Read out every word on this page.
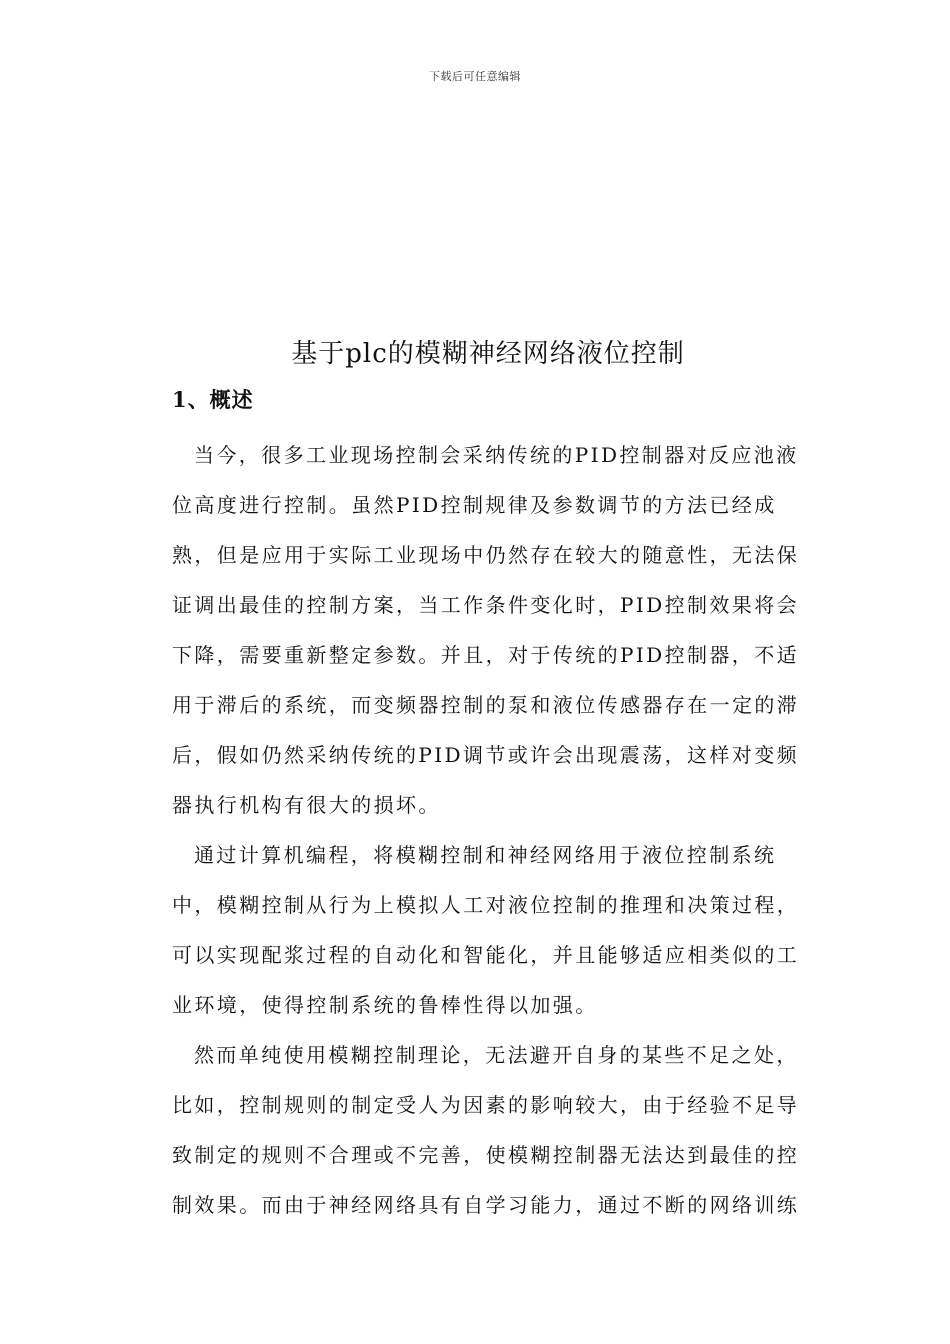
下载后可任意编辑
基于plc的模糊神经网络液位控制
1、概述

当今，很多工业现场控制会采纳传统的PID控制器对反应池液位高度进行控制。虽然PID控制规律及参数调节的方法已经成熟，但是应用于实际工业现场中仍然存在较大的随意性，无法保证调出最佳的控制方案，当工作条件变化时，PID控制效果将会下降，需要重新整定参数。并且，对于传统的PID控制器，不适用于滞后的系统，而变频器控制的泵和液位传感器存在一定的滞后，假如仍然采纳传统的PID调节或许会出现震荡，这样对变频器执行机构有很大的损坏。

通过计算机编程，将模糊控制和神经网络用于液位控制系统中，模糊控制从行为上模拟人工对液位控制的推理和决策过程，可以实现配浆过程的自动化和智能化，并且能够适应相类似的工业环境，使得控制系统的鲁棒性得以加强。

然而单纯使用模糊控制理论，无法避开自身的某些不足之处，比如，控制规则的制定受人为因素的影响较大，由于经验不足导致制定的规则不合理或不完善，使模糊控制器无法达到最佳的控制效果。而由于神经网络具有自学习能力，通过不断的网络训练
